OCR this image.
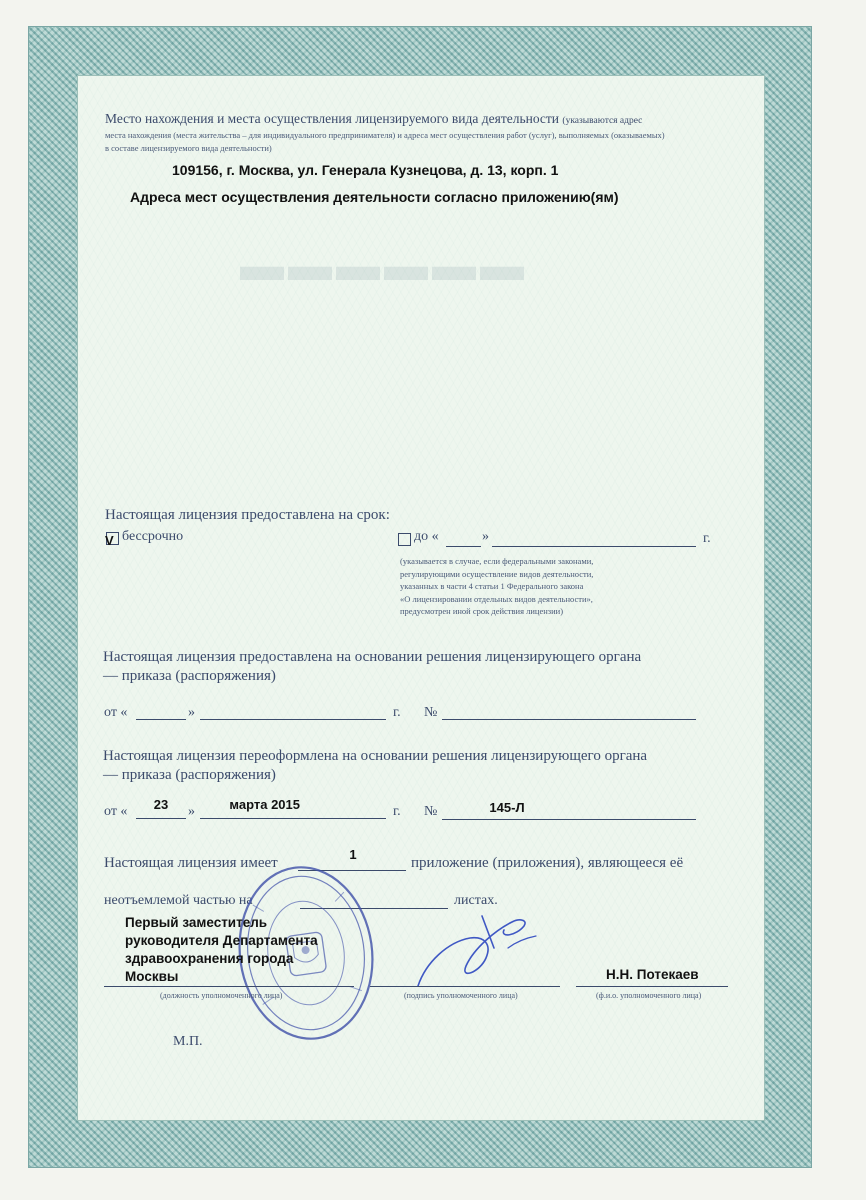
▬▬▬▬▬▬
Место нахождения и места осуществления лицензируемого вида деятельности (указываются адрес
места нахождения (места жительства – для индивидуального предпринимателя) и адреса мест осуществления работ (услуг), выполняемых (оказываемых)
в составе лицензируемого вида деятельности)
109156, г. Москва, ул. Генерала Кузнецова, д. 13, корп. 1
Адреса мест осуществления деятельности согласно приложению(ям)
Настоящая лицензия предоставлена на срок:
V бессрочно	до «	»	г.
(указывается в случае, если федеральными законами,
регулирующими осуществление видов деятельности,
указанных в части 4 статьи 1 Федерального закона
«О лицензировании отдельных видов деятельности»,
предусмотрен иной срок действия лицензии)
Настоящая лицензия предоставлена на основании решения лицензирующего органа
— приказа (распоряжения)
от «	»	г. №
Настоящая лицензия переоформлена на основании решения лицензирующего органа
— приказа (распоряжения)
от «	23	»	марта 2015	г. №	145-Л
Настоящая лицензия имеет
1
приложение (приложения), являющееся её
неотъемлемой частью на	листах.
Первый заместитель
руководителя Департамента
здравоохранения города
Москвы	Н.Н. Потекаев
(должность уполномоченного лица)	(подпись уполномоченного лица)	(ф.и.о. уполномоченного лица)
М.П.
